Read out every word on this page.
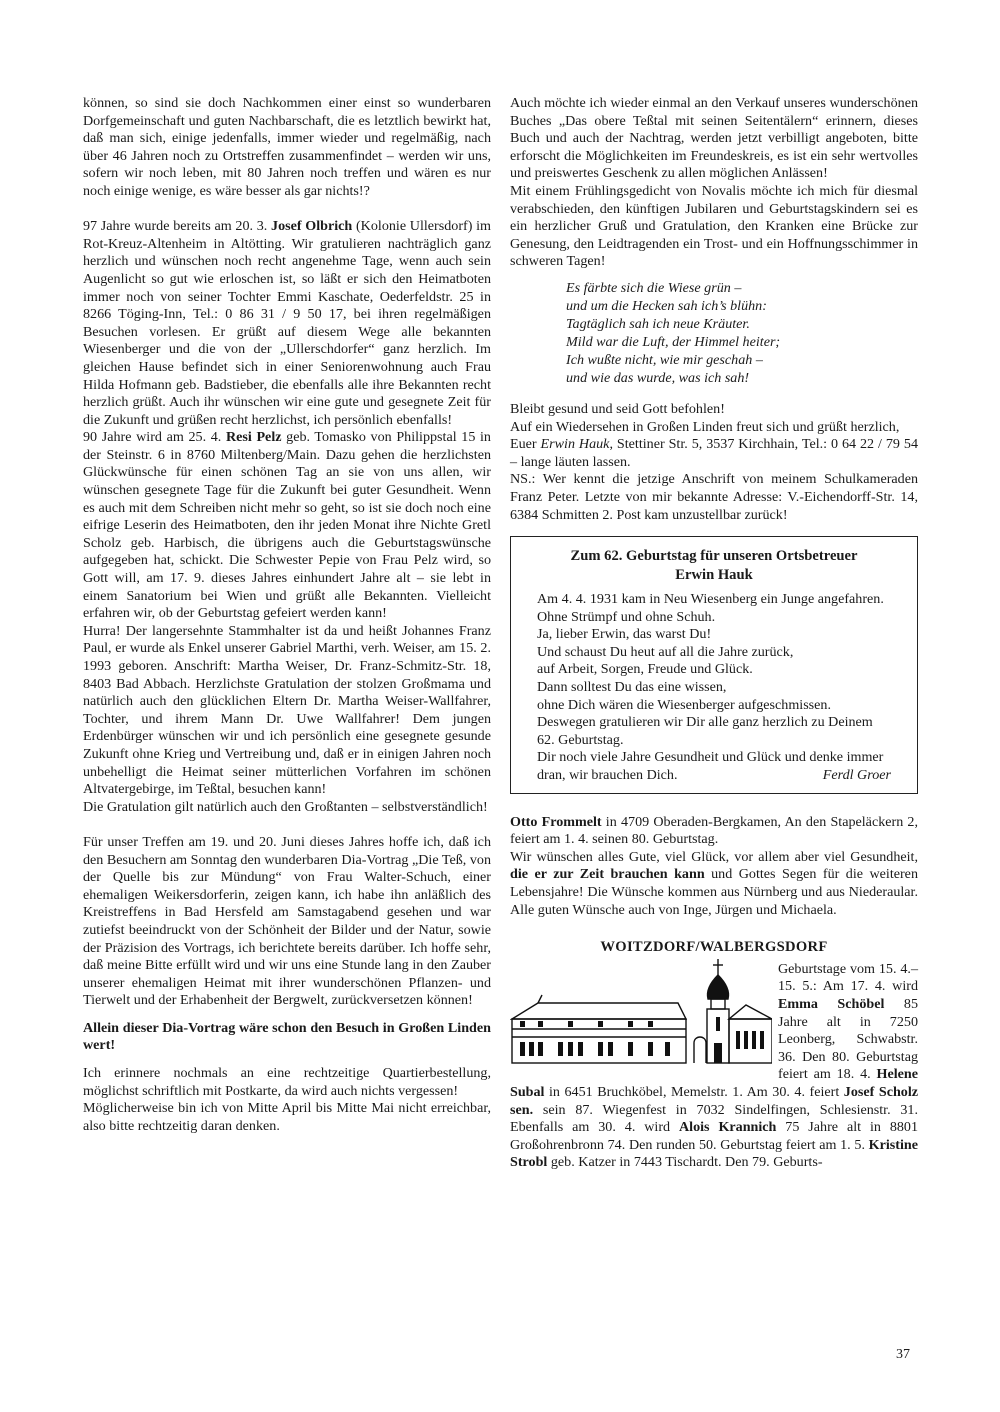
können, so sind sie doch Nachkommen einer einst so wunderbaren Dorfgemeinschaft und guten Nachbarschaft, die es letztlich bewirkt hat, daß man sich, einige jedenfalls, immer wieder und regelmäßig, nach über 46 Jahren noch zu Ortstreffen zusammenfindet – werden wir uns, sofern wir noch leben, mit 80 Jahren noch treffen und wären es nur noch einige wenige, es wäre besser als gar nichts!?

97 Jahre wurde bereits am 20. 3. Josef Olbrich (Kolonie Ullersdorf) im Rot-Kreuz-Altenheim in Altötting. Wir gratulieren nachträglich ganz herzlich und wünschen noch recht angenehme Tage, wenn auch sein Augenlicht so gut wie erloschen ist, so läßt er sich den Heimatboten immer noch von seiner Tochter Emmi Kaschate, Oederfeldstr. 25 in 8266 Töging-Inn, Tel.: 0 86 31 / 9 50 17, bei ihren regelmäßigen Besuchen vorlesen. Er grüßt auf diesem Wege alle bekannten Wiesenberger und die von der „Ullerschdorfer“ ganz herzlich. Im gleichen Hause befindet sich in einer Seniorenwohnung auch Frau Hilda Hofmann geb. Badstieber, die ebenfalls alle ihre Bekannten recht herzlich grüßt. Auch ihr wünschen wir eine gute und gesegnete Zeit für die Zukunft und grüßen recht herzlichst, ich persönlich ebenfalls!

90 Jahre wird am 25. 4. Resi Pelz geb. Tomasko von Philippstal 15 in der Steinstr. 6 in 8760 Miltenberg/Main. Dazu gehen die herzlichsten Glückwünsche für einen schönen Tag an sie von uns allen, wir wünschen gesegnete Tage für die Zukunft bei guter Gesundheit. Wenn es auch mit dem Schreiben nicht mehr so geht, so ist sie doch noch eine eifrige Leserin des Heimatboten, den ihr jeden Monat ihre Nichte Gretl Scholz geb. Harbisch, die übrigens auch die Geburtstagswünsche aufgegeben hat, schickt. Die Schwester Pepie von Frau Pelz wird, so Gott will, am 17. 9. dieses Jahres einhundert Jahre alt – sie lebt in einem Sanatorium bei Wien und grüßt alle Bekannten. Vielleicht erfahren wir, ob der Geburtstag gefeiert werden kann!

Hurra! Der langersehnte Stammhalter ist da und heißt Johannes Franz Paul, er wurde als Enkel unserer Gabriel Marthi, verh. Weiser, am 15. 2. 1993 geboren. Anschrift: Martha Weiser, Dr. Franz-Schmitz-Str. 18, 8403 Bad Abbach. Herzlichste Gratulation der stolzen Großmama und natürlich auch den glücklichen Eltern Dr. Martha Weiser-Wallfahrer, Tochter, und ihrem Mann Dr. Uwe Wallfahrer! Dem jungen Erdenbürger wünschen wir und ich persönlich eine gesegnete gesunde Zukunft ohne Krieg und Vertreibung und, daß er in einigen Jahren noch unbehelligt die Heimat seiner mütterlichen Vorfahren im schönen Altvatergebirge, im Teßtal, besuchen kann!

Die Gratulation gilt natürlich auch den Großtanten – selbstverständlich!

Für unser Treffen am 19. und 20. Juni dieses Jahres hoffe ich, daß ich den Besuchern am Sonntag den wunderbaren Dia-Vortrag „Die Teß, von der Quelle bis zur Mündung“ von Frau Walter-Schuch, einer ehemaligen Weikersdorferin, zeigen kann, ich habe ihn anläßlich des Kreistreffens in Bad Hersfeld am Samstagabend gesehen und war zutiefst beeindruckt von der Schönheit der Bilder und der Natur, sowie der Präzision des Vortrags, ich berichtete bereits darüber. Ich hoffe sehr, daß meine Bitte erfüllt wird und wir uns eine Stunde lang in den Zauber unserer ehemaligen Heimat mit ihrer wunderschönen Pflanzen- und Tierwelt und der Erhabenheit der Bergwelt, zurückversetzen können!

Allein dieser Dia-Vortrag wäre schon den Besuch in Großen Linden wert!

Ich erinnere nochmals an eine rechtzeitige Quartierbestellung, möglichst schriftlich mit Postkarte, da wird auch nichts vergessen!

Möglicherweise bin ich von Mitte April bis Mitte Mai nicht erreichbar, also bitte rechtzeitig daran denken.

Auch möchte ich wieder einmal an den Verkauf unseres wunderschönen Buches „Das obere Teßtal mit seinen Seitentälern“ erinnern, dieses Buch und auch der Nachtrag, werden jetzt verbilligt angeboten, bitte erforscht die Möglichkeiten im Freundeskreis, es ist ein sehr wertvolles und preiswertes Geschenk zu allen möglichen Anlässen!

Mit einem Frühlingsgedicht von Novalis möchte ich mich für diesmal verabschieden, den künftigen Jubilaren und Geburtstagskindern sei es ein herzlicher Gruß und Gratulation, den Kranken eine Brücke zur Genesung, den Leidtragenden ein Trost- und ein Hoffnungsschimmer in schweren Tagen!

Es färbte sich die Wiese grün –
und um die Hecken sah ich’s blühn:
Tagtäglich sah ich neue Kräuter.
Mild war die Luft, der Himmel heiter;
Ich wußte nicht, wie mir geschah –
und wie das wurde, was ich sah!

Bleibt gesund und seid Gott befohlen!

Auf ein Wiedersehen in Großen Linden freut sich und grüßt herzlich,

Euer Erwin Hauk, Stettiner Str. 5, 3537 Kirchhain, Tel.: 0 64 22 / 79 54 – lange läuten lassen.

NS.: Wer kennt die jetzige Anschrift von meinem Schulkameraden Franz Peter. Letzte von mir bekannte Adresse: V.-Eichendorff-Str. 14, 6384 Schmitten 2. Post kam unzustellbar zurück!

Zum 62. Geburtstag für unseren Ortsbetreuer
Erwin Hauk

Am 4. 4. 1931 kam in Neu Wiesenberg ein Junge angefahren.

Ohne Strümpf und ohne Schuh.

Ja, lieber Erwin, das warst Du!

Und schaust Du heut auf all die Jahre zurück,

auf Arbeit, Sorgen, Freude und Glück.

Dann solltest Du das eine wissen,

ohne Dich wären die Wiesenberger aufgeschmissen.

Deswegen gratulieren wir Dir alle ganz herzlich zu Deinem 62. Geburtstag.

Dir noch viele Jahre Gesundheit und Glück und denke immer dran, wir brauchen Dich.	Ferdl Groer

Otto Frommelt in 4709 Oberaden-Bergkamen, An den Stapeläckern 2, feiert am 1. 4. seinen 80. Geburtstag.

Wir wünschen alles Gute, viel Glück, vor allem aber viel Gesundheit, die er zur Zeit brauchen kann und Gottes Segen für die weiteren Lebensjahre! Die Wünsche kommen aus Nürnberg und aus Niederaular. Alle guten Wünsche auch von Inge, Jürgen und Michaela.

WOITZDORF/WALBERGSDORF

Geburtstage vom 15. 4.–15. 5.: Am 17. 4. wird Emma Schöbel 85 Jahre alt in 7250 Leonberg, Schwabstr. 36. Den 80. Geburtstag feiert am 18. 4. Helene Subal in 6451 Bruchköbel, Memelstr. 1. Am 30. 4. feiert Josef Scholz sen. sein 87. Wiegenfest in 7032 Sindelfingen, Schlesienstr. 31. Ebenfalls am 30. 4. wird Alois Krannich 75 Jahre alt in 8801 Großohrenbronn 74. Den runden 50. Geburtstag feiert am 1. 5. Kristine Strobl geb. Katzer in 7443 Tischardt. Den 79. Geburts-

37
